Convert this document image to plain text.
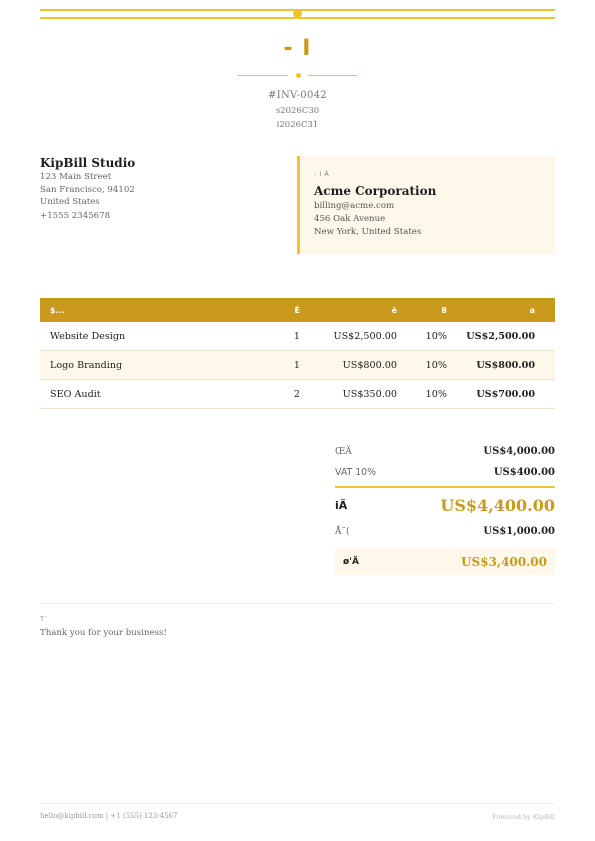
- I
#INV-0042
s2026C30
i2026C31
KipBill Studio
123 Main Street
San Francisco, 94102
United States
+1555 2345678
- I Á
Acme Corporation
billing@acme.com
456 Oak Avenue
New York, United States
$...	É	è	8	a
Website Design	1	US$2,500.00	10%	US$2,500.00
Logo Branding	1	US$800.00	10%	US$800.00
SEO Audit	2	US$350.00	10%	US$700.00
ŒÄ	US$4,000.00
VAT 10%	US$400.00
iÄ	US$4,400.00
Å˜(	US$1,000.00
ø'Ä	US$3,400.00
T¨
Thank you for your business!
hello@kipbill.com | +1 (555) 123-4567	Powered by KipBill
